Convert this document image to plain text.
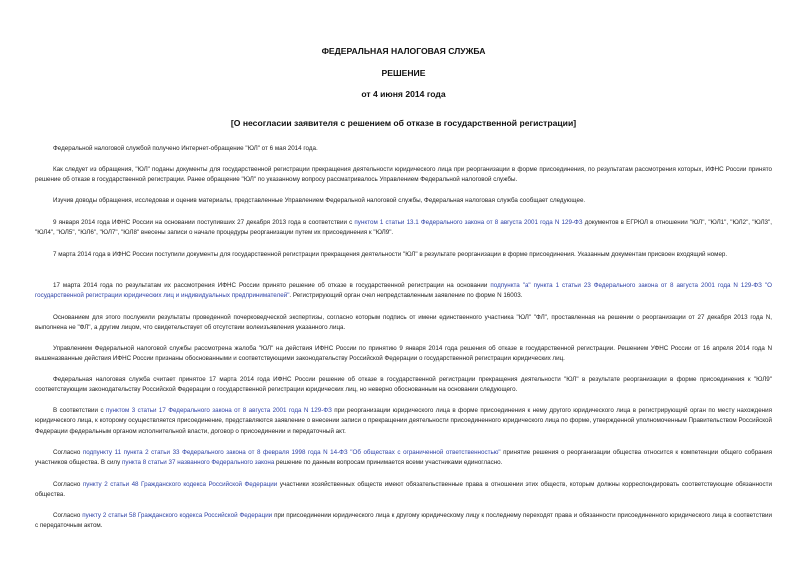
ФЕДЕРАЛЬНАЯ НАЛОГОВАЯ СЛУЖБА
РЕШЕНИЕ
от 4 июня 2014 года
[О несогласии заявителя с решением об отказе в государственной регистрации]

Федеральной налоговой службой получено Интернет-обращение "ЮЛ" от 6 мая 2014 года.

Как следует из обращения, "ЮЛ" поданы документы для государственной регистрации прекращения деятельности юридического лица при реорганизации в форме присоединения, по результатам рассмотрения которых, ИФНС России принято решение об отказе в государственной регистрации. Ранее обращение "ЮЛ" по указанному вопросу рассматривалось Управлением Федеральной налоговой службы.

Изучив доводы обращения, исследовав и оценив материалы, представленные Управлением Федеральной налоговой службы, Федеральная налоговая служба сообщает следующее.

9 января 2014 года ИФНС России на основании поступивших 27 декабря 2013 года в соответствии с пунктом 1 статьи 13.1 Федерального закона от 8 августа 2001 года N 129-ФЗ документов в ЕГРЮЛ в отношении "ЮЛ", "ЮЛ1", "ЮЛ2", "ЮЛ3", "ЮЛ4", "ЮЛ5", "ЮЛ6", "ЮЛ7", "ЮЛ8" внесены записи о начале процедуры реорганизации путем их присоединения к "ЮЛ9".

7 марта 2014 года в ИФНС России поступили документы для государственной регистрации прекращения деятельности "ЮЛ" в результате реорганизации в форме присоединения. Указанным документам присвоен входящий номер.

17 марта 2014 года по результатам их рассмотрения ИФНС России принято решение об отказе в государственной регистрации на основании подпункта "а" пункта 1 статьи 23 Федерального закона от 8 августа 2001 года N 129-ФЗ "О государственной регистрации юридических лиц и индивидуальных предпринимателей". Регистрирующий орган счел непредставленным заявление по форме N 16003.

Основанием для этого послужили результаты проведенной почерковедческой экспертизы, согласно которым подпись от имени единственного участника "ЮЛ" "ФЛ", проставленная на решении о реорганизации от 27 декабря 2013 года N, выполнена не "ФЛ", а другим лицом, что свидетельствует об отсутствии волеизъявления указанного лица.

Управлением Федеральной налоговой службы рассмотрена жалоба "ЮЛ" на действия ИФНС России по принятию 9 января 2014 года решения об отказе в государственной регистрации. Решением УФНС России от 16 апреля 2014 года N вышеназванные действия ИФНС России признаны обоснованными и соответствующими законодательству Российской Федерации о государственной регистрации юридических лиц.

Федеральная налоговая служба считает принятое 17 марта 2014 года ИФНС России решение об отказе в государственной регистрации прекращения деятельности "ЮЛ" в результате реорганизации в форме присоединения к "ЮЛ9" соответствующим законодательству Российской Федерации о государственной регистрации юридических лиц, но неверно обоснованным на основании следующего.

В соответствии с пунктом 3 статьи 17 Федерального закона от 8 августа 2001 года N 129-ФЗ при реорганизации юридического лица в форме присоединения к нему другого юридического лица в регистрирующий орган по месту нахождения юридического лица, к которому осуществляется присоединение, представляются заявление о внесении записи о прекращении деятельности присоединенного юридического лица по форме, утвержденной уполномоченным Правительством Российской Федерации федеральным органом исполнительной власти, договор о присоединении и передаточный акт.

Согласно подпункту 11 пункта 2 статьи 33 Федерального закона от 8 февраля 1998 года N 14-ФЗ "Об обществах с ограниченной ответственностью" принятие решения о реорганизации общества относится к компетенции общего собрания участников общества. В силу пункта 8 статьи 37 названного Федерального закона решение по данным вопросам принимается всеми участниками единогласно.

Согласно пункту 2 статьи 48 Гражданского кодекса Российской Федерации участники хозяйственных обществ имеют обязательственные права в отношении этих обществ, которым должны корреспондировать соответствующие обязанности общества.

Согласно пункту 2 статьи 58 Гражданского кодекса Российской Федерации при присоединении юридического лица к другому юридическому лицу к последнему переходят права и обязанности присоединенного юридического лица в соответствии с передаточным актом.
